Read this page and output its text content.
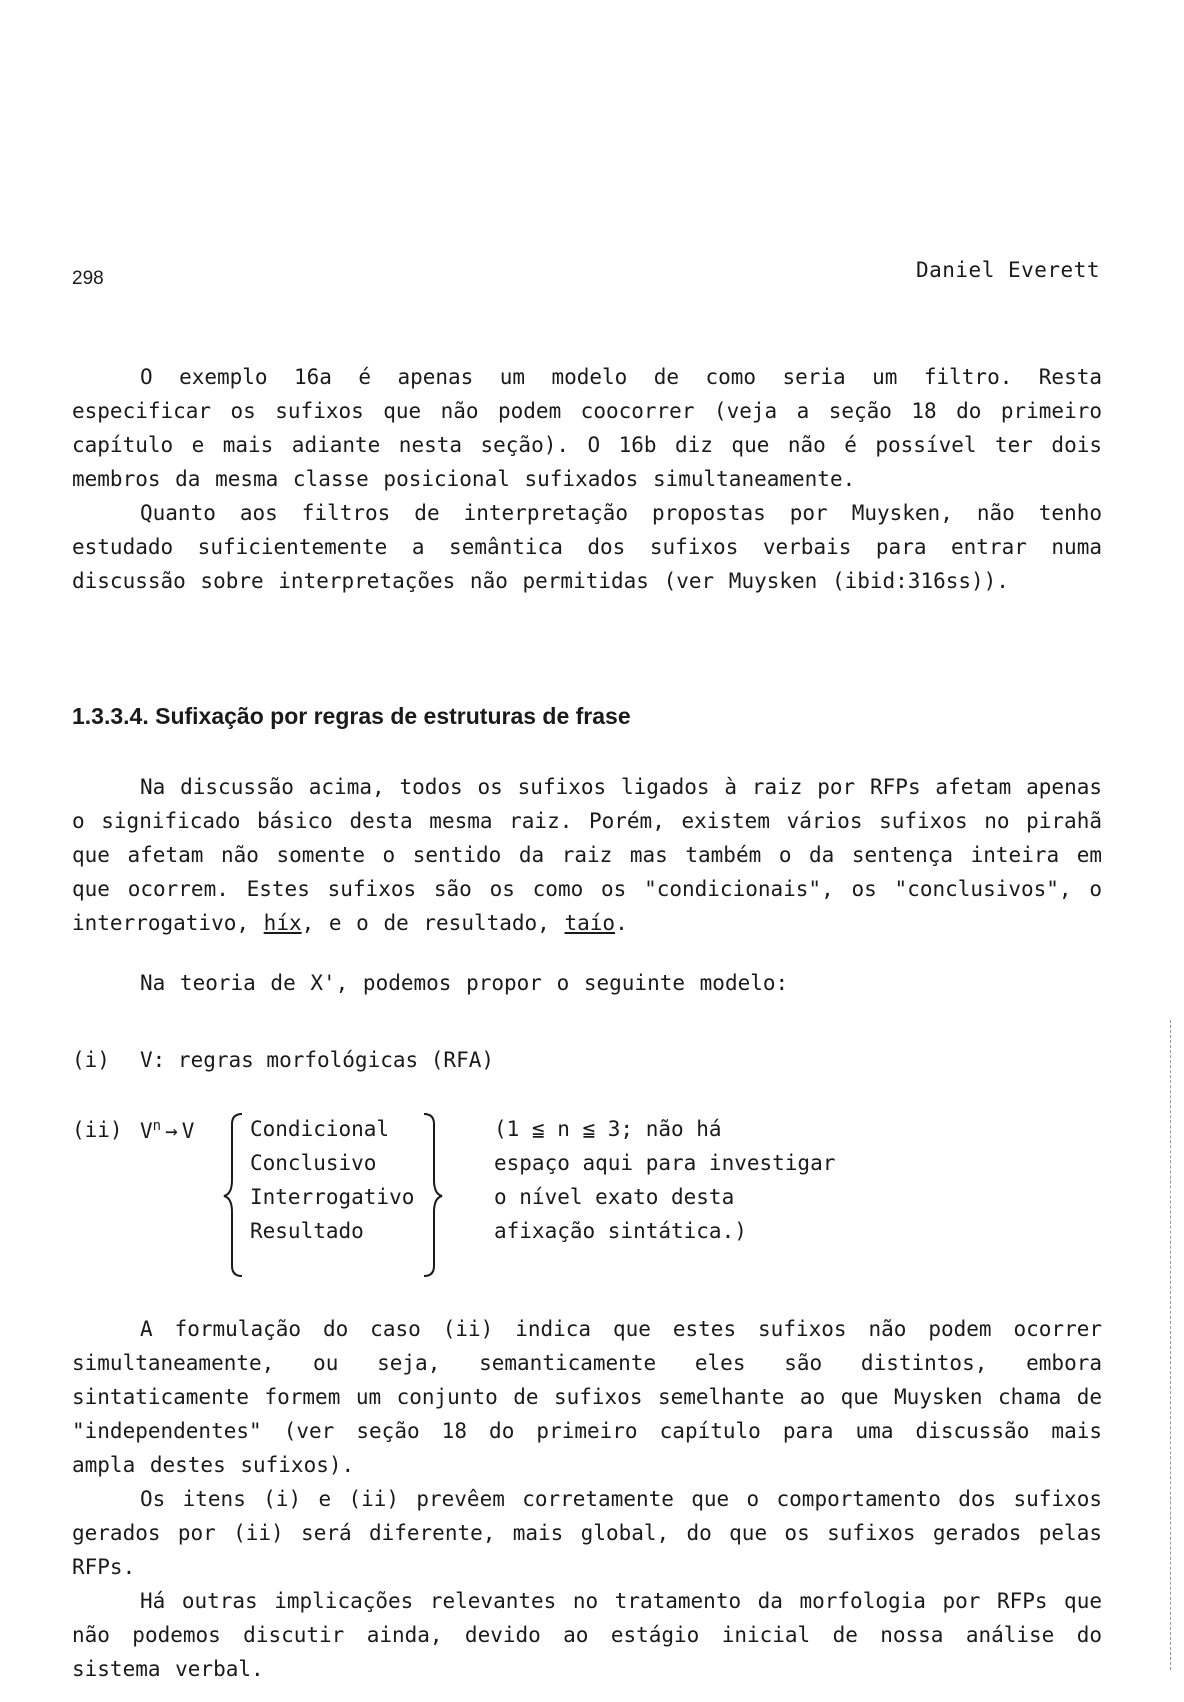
298	Daniel Everett

O exemplo 16a é apenas um modelo de como seria um filtro. Resta especificar os sufixos que não podem coocorrer (veja a seção 18 do primeiro capítulo e mais adiante nesta seção). O 16b diz que não é possível ter dois membros da mesma classe posicional sufixados simultaneamente.

Quanto aos filtros de interpretação propostas por Muysken, não tenho estudado suficientemente a semântica dos sufixos verbais para entrar numa discussão sobre interpretações não permitidas (ver Muysken (ibid:316ss)).

1.3.3.4. Sufixação por regras de estruturas de frase

Na discussão acima, todos os sufixos ligados à raiz por RFPs afetam apenas o significado básico desta mesma raiz. Porém, existem vários sufixos no pirahã que afetam não somente o sentido da raiz mas também o da sentença inteira em que ocorrem. Estes sufixos são os como os "condicionais", os "conclusivos", o interrogativo, híx, e o de resultado, taío.

Na teoria de X', podemos propor o seguinte modelo:

(i) V: regras morfológicas (RFA)
(ii) $V^n \to V$	Condicional
Conclusivo
Interrogativo
Resultado
(1 ≦ n ≦ 3; não há
espaço aqui para investigar
o nível exato desta
afixação sintática.)

A formulação do caso (ii) indica que estes sufixos não podem ocorrer simultaneamente, ou seja, semanticamente eles são distintos, embora sintaticamente formem um conjunto de sufixos semelhante ao que Muysken chama de "independentes" (ver seção 18 do primeiro capítulo para uma discussão mais ampla destes sufixos).

Os itens (i) e (ii) prevêem corretamente que o comportamento dos sufixos gerados por (ii) será diferente, mais global, do que os sufixos gerados pelas RFPs.

Há outras implicações relevantes no tratamento da morfologia por RFPs que não podemos discutir ainda, devido ao estágio inicial de nossa análise do sistema verbal.
